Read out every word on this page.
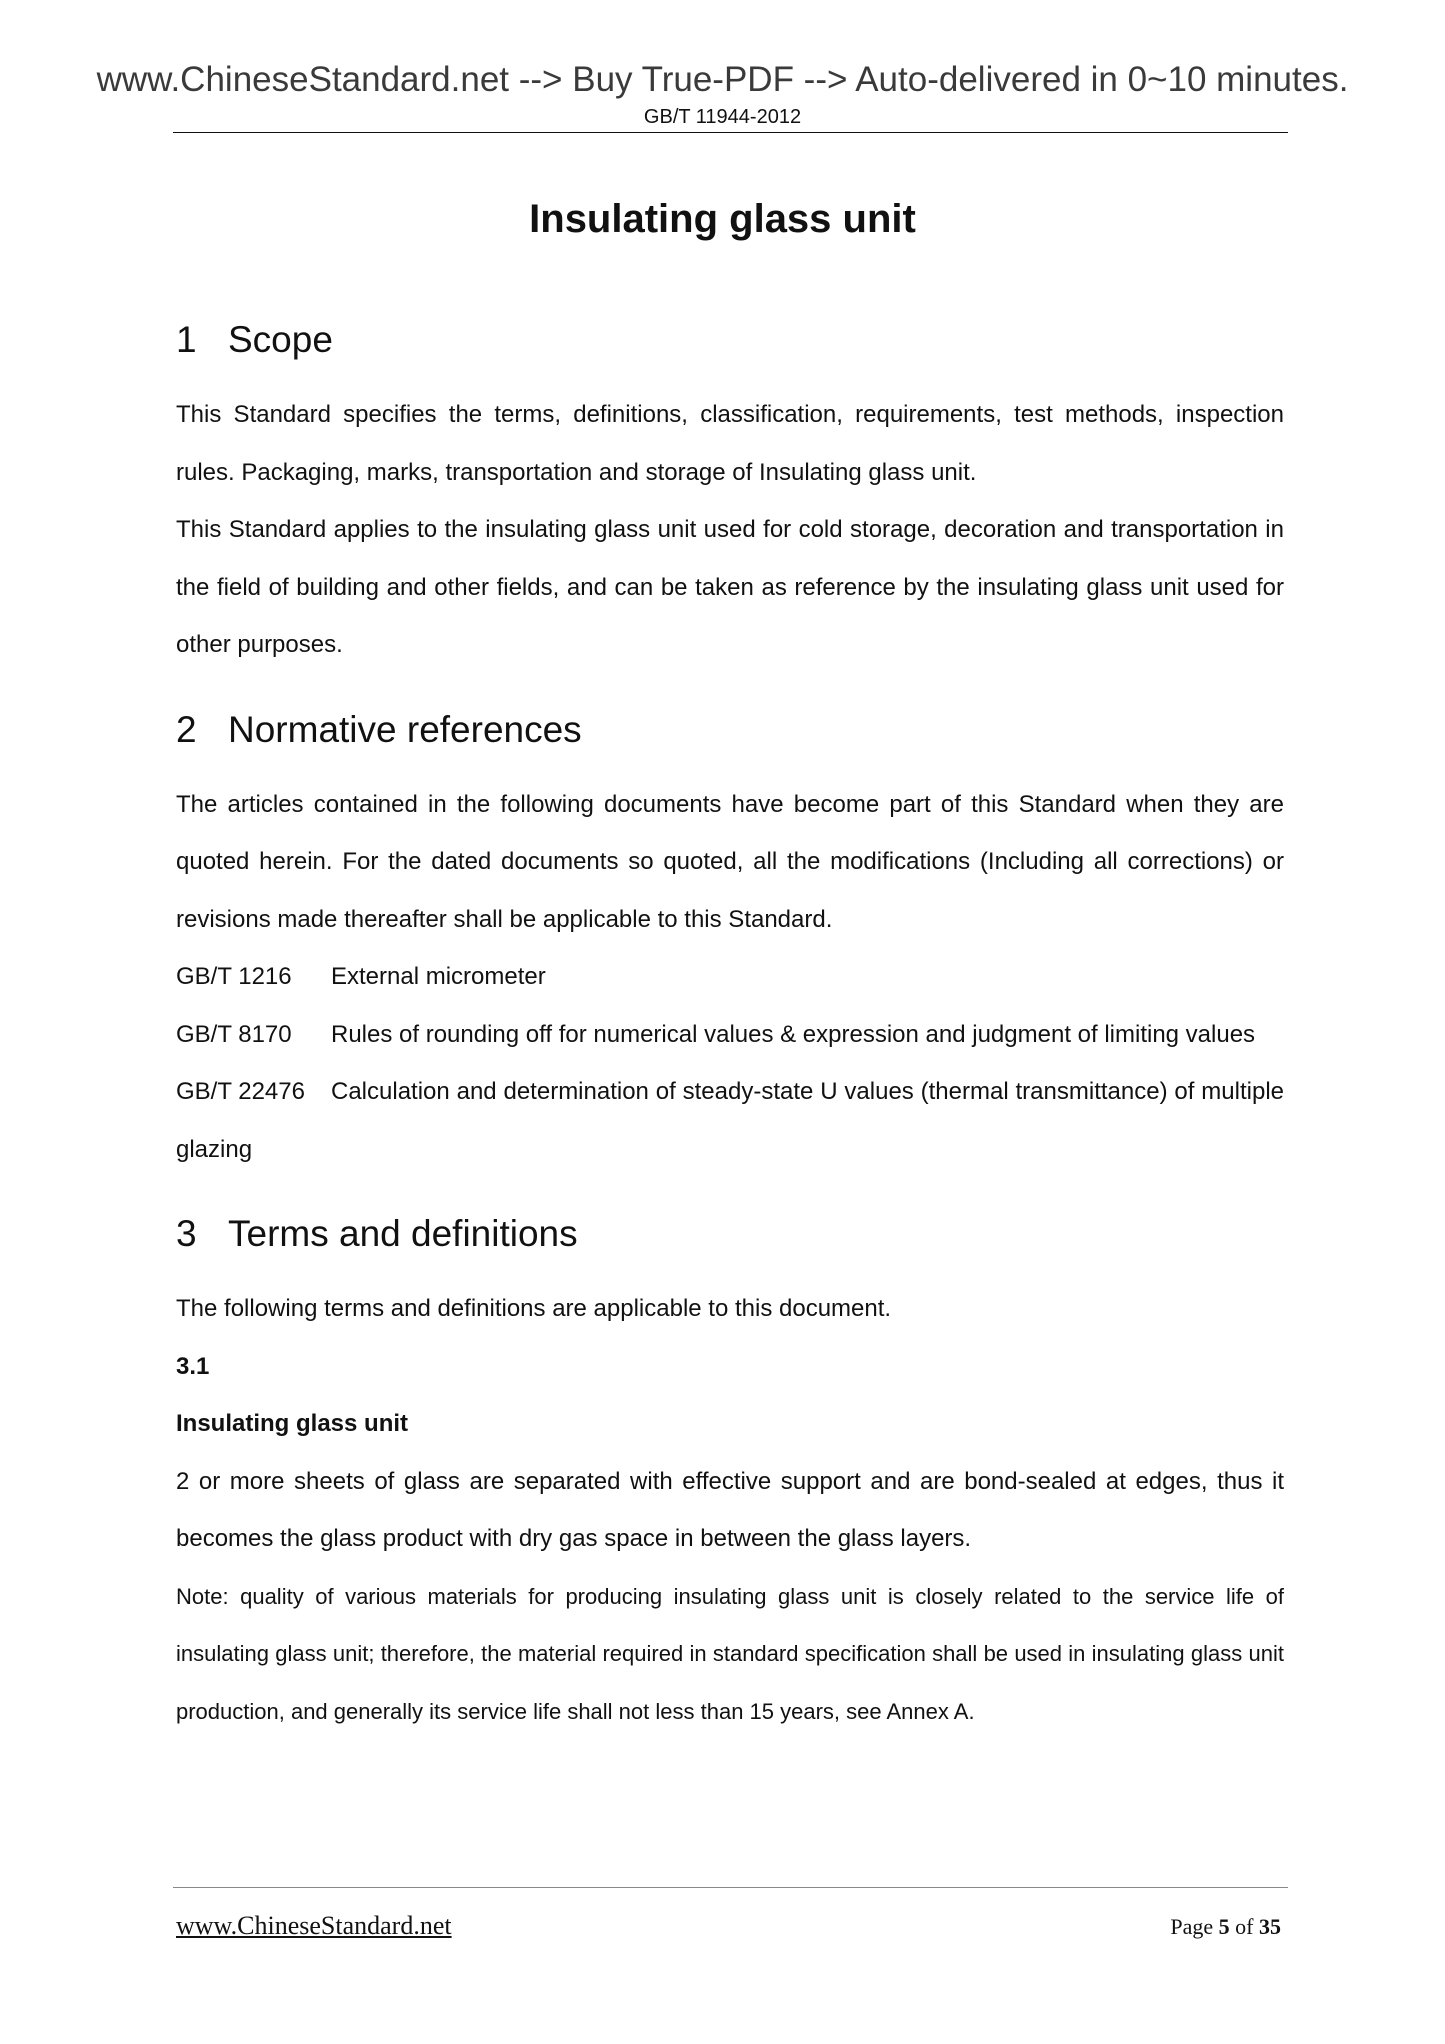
www.ChineseStandard.net --> Buy True-PDF --> Auto-delivered in 0~10 minutes.
GB/T 11944-2012
Insulating glass unit
1 Scope

This Standard specifies the terms, definitions, classification, requirements, test methods, inspection rules. Packaging, marks, transportation and storage of Insulating glass unit.

This Standard applies to the insulating glass unit used for cold storage, decoration and transportation in the field of building and other fields, and can be taken as reference by the insulating glass unit used for other purposes.

2 Normative references

The articles contained in the following documents have become part of this Standard when they are quoted herein. For the dated documents so quoted, all the modifications (Including all corrections) or revisions made thereafter shall be applicable to this Standard.

GB/T 1216 External micrometer

GB/T 8170 Rules of rounding off for numerical values & expression and judgment of limiting values

GB/T 22476 Calculation and determination of steady-state U values (thermal transmittance) of multiple glazing

3 Terms and definitions

The following terms and definitions are applicable to this document.

3.1

Insulating glass unit

2 or more sheets of glass are separated with effective support and are bond-sealed at edges, thus it becomes the glass product with dry gas space in between the glass layers.

Note: quality of various materials for producing insulating glass unit is closely related to the service life of insulating glass unit; therefore, the material required in standard specification shall be used in insulating glass unit production, and generally its service life shall not less than 15 years, see Annex A.

www.ChineseStandard.net	Page 5 of 35
